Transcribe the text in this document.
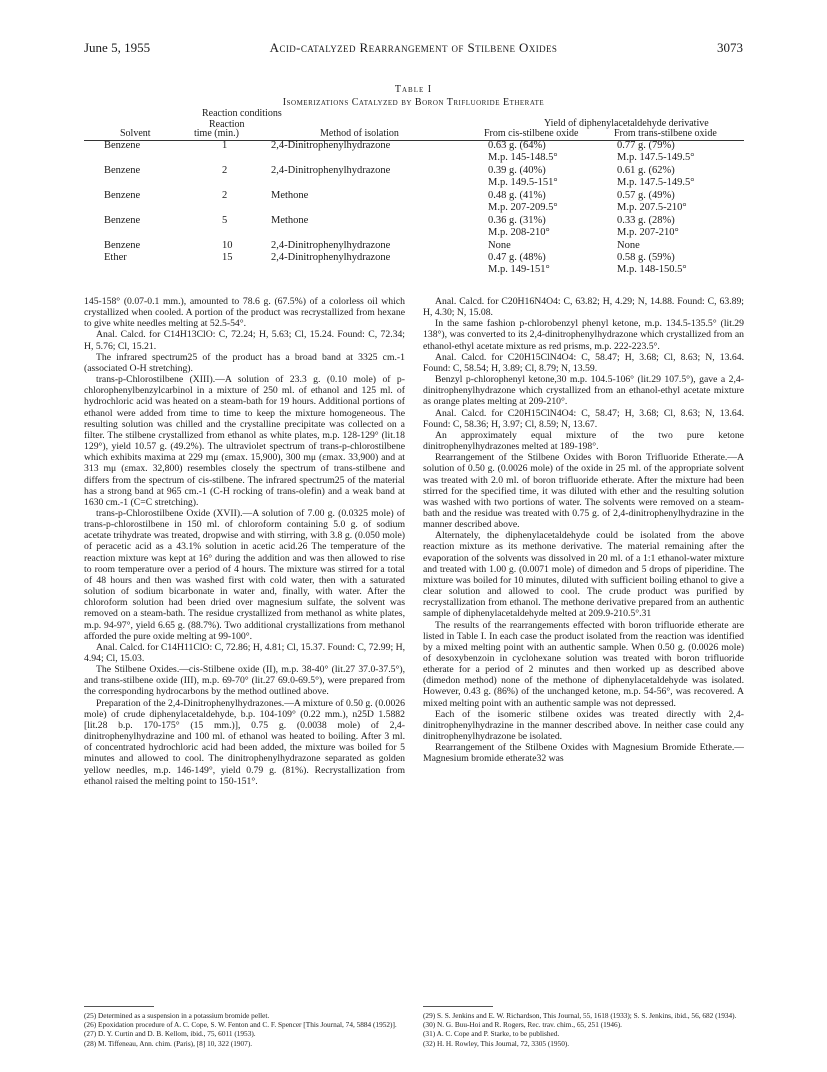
June 5, 1955	Acid-catalyzed Rearrangement of Stilbene Oxides	3073
Table I
Isomerizations Catalyzed by Boron Trifluoride Etherate
Reaction conditions
Reaction	Yield of diphenylacetaldehyde derivative
Solvent	time (min.)	Method of isolation	From cis-stilbene oxide	From trans-stilbene oxide
Benzene	1	2,4-Dinitrophenylhydrazone	0.63 g. (64%)	0.77 g. (79%)
M.p. 145-148.5°	M.p. 147.5-149.5°
Benzene	2	2,4-Dinitrophenylhydrazone	0.39 g. (40%)	0.61 g. (62%)
M.p. 149.5-151°	M.p. 147.5-149.5°
Benzene	2	Methone	0.48 g. (41%)	0.57 g. (49%)
M.p. 207-209.5°	M.p. 207.5-210°
Benzene	5	Methone	0.36 g. (31%)	0.33 g. (28%)
M.p. 208-210°	M.p. 207-210°
Benzene	10	2,4-Dinitrophenylhydrazone	None	None
Ether	15	2,4-Dinitrophenylhydrazone	0.47 g. (48%)	0.58 g. (59%)
M.p. 149-151°	M.p. 148-150.5°

145-158° (0.07-0.1 mm.), amounted to 78.6 g. (67.5%) of a colorless oil which crystallized when cooled. A portion of the product was recrystallized from hexane to give white needles melting at 52.5-54°.

Anal. Calcd. for C14H13ClO: C, 72.24; H, 5.63; Cl, 15.24. Found: C, 72.34; H, 5.76; Cl, 15.21.

The infrared spectrum25 of the product has a broad band at 3325 cm.-1 (associated O-H stretching).

trans-p-Chlorostilbene (XIII).—A solution of 23.3 g. (0.10 mole) of p-chlorophenylbenzylcarbinol in a mixture of 250 ml. of ethanol and 125 ml. of hydrochloric acid was heated on a steam-bath for 19 hours. Additional portions of ethanol were added from time to time to keep the mixture homogeneous. The resulting solution was chilled and the crystalline precipitate was collected on a filter. The stilbene crystallized from ethanol as white plates, m.p. 128-129° (lit.18 129°), yield 10.57 g. (49.2%). The ultraviolet spectrum of trans-p-chlorostilbene which exhibits maxima at 229 mμ (εmax. 15,900), 300 mμ (εmax. 33,900) and at 313 mμ (εmax. 32,800) resembles closely the spectrum of trans-stilbene and differs from the spectrum of cis-stilbene. The infrared spectrum25 of the material has a strong band at 965 cm.-1 (C-H rocking of trans-olefin) and a weak band at 1630 cm.-1 (C=C stretching).

trans-p-Chlorostilbene Oxide (XVII).—A solution of 7.00 g. (0.0325 mole) of trans-p-chlorostilbene in 150 ml. of chloroform containing 5.0 g. of sodium acetate trihydrate was treated, dropwise and with stirring, with 3.8 g. (0.050 mole) of peracetic acid as a 43.1% solution in acetic acid.26 The temperature of the reaction mixture was kept at 16° during the addition and was then allowed to rise to room temperature over a period of 4 hours. The mixture was stirred for a total of 48 hours and then was washed first with cold water, then with a saturated solution of sodium bicarbonate in water and, finally, with water. After the chloroform solution had been dried over magnesium sulfate, the solvent was removed on a steam-bath. The residue crystallized from methanol as white plates, m.p. 94-97°, yield 6.65 g. (88.7%). Two additional crystallizations from methanol afforded the pure oxide melting at 99-100°.

Anal. Calcd. for C14H11ClO: C, 72.86; H, 4.81; Cl, 15.37. Found: C, 72.99; H, 4.94; Cl, 15.03.

The Stilbene Oxides.—cis-Stilbene oxide (II), m.p. 38-40° (lit.27 37.0-37.5°), and trans-stilbene oxide (III), m.p. 69-70° (lit.27 69.0-69.5°), were prepared from the corresponding hydrocarbons by the method outlined above.

Preparation of the 2,4-Dinitrophenylhydrazones.—A mixture of 0.50 g. (0.0026 mole) of crude diphenylacetaldehyde, b.p. 104-109° (0.22 mm.), n25D 1.5882 [lit.28 b.p. 170-175° (15 mm.)], 0.75 g. (0.0038 mole) of 2,4-dinitrophenylhydrazine and 100 ml. of ethanol was heated to boiling. After 3 ml. of concentrated hydrochloric acid had been added, the mixture was boiled for 5 minutes and allowed to cool. The dinitrophenylhydrazone separated as golden yellow needles, m.p. 146-149°, yield 0.79 g. (81%). Recrystallization from ethanol raised the melting point to 150-151°.

Anal. Calcd. for C20H16N4O4: C, 63.82; H, 4.29; N, 14.88. Found: C, 63.89; H, 4.30; N, 15.08.

In the same fashion p-chlorobenzyl phenyl ketone, m.p. 134.5-135.5° (lit.29 138°), was converted to its 2,4-dinitrophenylhydrazone which crystallized from an ethanol-ethyl acetate mixture as red prisms, m.p. 222-223.5°.

Anal. Calcd. for C20H15ClN4O4: C, 58.47; H, 3.68; Cl, 8.63; N, 13.64. Found: C, 58.54; H, 3.89; Cl, 8.79; N, 13.59.

Benzyl p-chlorophenyl ketone,30 m.p. 104.5-106° (lit.29 107.5°), gave a 2,4-dinitrophenylhydrazone which crystallized from an ethanol-ethyl acetate mixture as orange plates melting at 209-210°.

Anal. Calcd. for C20H15ClN4O4: C, 58.47; H, 3.68; Cl, 8.63; N, 13.64. Found: C, 58.36; H, 3.97; Cl, 8.59; N, 13.67.

An approximately equal mixture of the two pure ketone dinitrophenylhydrazones melted at 189-198°.

Rearrangement of the Stilbene Oxides with Boron Trifluoride Etherate.—A solution of 0.50 g. (0.0026 mole) of the oxide in 25 ml. of the appropriate solvent was treated with 2.0 ml. of boron trifluoride etherate. After the mixture had been stirred for the specified time, it was diluted with ether and the resulting solution was washed with two portions of water. The solvents were removed on a steam-bath and the residue was treated with 0.75 g. of 2,4-dinitrophenylhydrazine in the manner described above.

Alternately, the diphenylacetaldehyde could be isolated from the above reaction mixture as its methone derivative. The material remaining after the evaporation of the solvents was dissolved in 20 ml. of a 1:1 ethanol-water mixture and treated with 1.00 g. (0.0071 mole) of dimedon and 5 drops of piperidine. The mixture was boiled for 10 minutes, diluted with sufficient boiling ethanol to give a clear solution and allowed to cool. The crude product was purified by recrystallization from ethanol. The methone derivative prepared from an authentic sample of diphenylacetaldehyde melted at 209.9-210.5°.31

The results of the rearrangements effected with boron trifluoride etherate are listed in Table I. In each case the product isolated from the reaction was identified by a mixed melting point with an authentic sample. When 0.50 g. (0.0026 mole) of desoxybenzoin in cyclohexane solution was treated with boron trifluoride etherate for a period of 2 minutes and then worked up as described above (dimedon method) none of the methone of diphenylacetaldehyde was isolated. However, 0.43 g. (86%) of the unchanged ketone, m.p. 54-56°, was recovered. A mixed melting point with an authentic sample was not depressed.

Each of the isomeric stilbene oxides was treated directly with 2,4-dinitrophenylhydrazine in the manner described above. In neither case could any dinitrophenylhydrazone be isolated.

Rearrangement of the Stilbene Oxides with Magnesium Bromide Etherate.—Magnesium bromide etherate32 was

(25) Determined as a suspension in a potassium bromide pellet.
(26) Epoxidation procedure of A. C. Cope, S. W. Fenton and C. F. Spencer [This Journal, 74, 5884 (1952)].
(27) D. Y. Curtin and D. B. Kellom, ibid., 75, 6011 (1953).
(28) M. Tiffeneau, Ann. chim. (Paris), [8] 10, 322 (1907).
(29) S. S. Jenkins and E. W. Richardson, This Journal, 55, 1618 (1933); S. S. Jenkins, ibid., 56, 682 (1934).
(30) N. G. Buu-Hoi and R. Rogers, Rec. trav. chim., 65, 251 (1946).
(31) A. C. Cope and P. Starke, to be published.
(32) H. H. Rowley, This Journal, 72, 3305 (1950).
